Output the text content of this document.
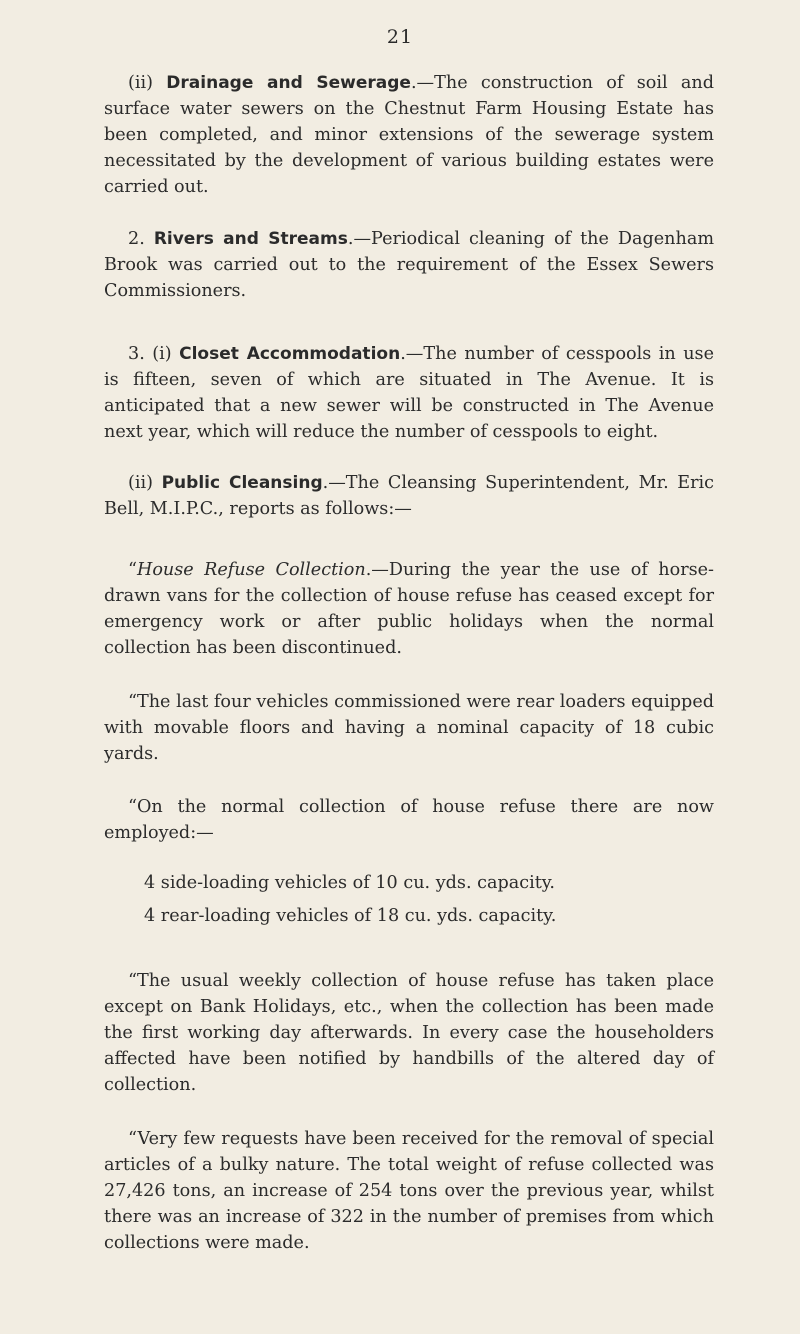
21

(ii) Drainage and Sewerage.—The construction of soil and surface water sewers on the Chestnut Farm Housing Estate has been completed, and minor extensions of the sewerage system necessitated by the development of various building estates were carried out.

2. Rivers and Streams.—Periodical cleaning of the Dagenham Brook was carried out to the requirement of the Essex Sewers Commissioners.

3. (i) Closet Accommodation.—The number of cesspools in use is fifteen, seven of which are situated in The Avenue. It is anticipated that a new sewer will be constructed in The Avenue next year, which will reduce the number of cesspools to eight.

(ii) Public Cleansing.—The Cleansing Superintendent, Mr. Eric Bell, M.I.P.C., reports as follows:—

“House Refuse Collection.—During the year the use of horse-drawn vans for the collection of house refuse has ceased except for emergency work or after public holidays when the normal collection has been discontinued.

“The last four vehicles commissioned were rear loaders equipped with movable floors and having a nominal capacity of 18 cubic yards.

“On the normal collection of house refuse there are now employed:—

4 side-loading vehicles of 10 cu. yds. capacity.
4 rear-loading vehicles of 18 cu. yds. capacity.

“The usual weekly collection of house refuse has taken place except on Bank Holidays, etc., when the collection has been made the first working day afterwards. In every case the householders affected have been notified by handbills of the altered day of collection.

“Very few requests have been received for the removal of special articles of a bulky nature. The total weight of refuse collected was 27,426 tons, an increase of 254 tons over the previous year, whilst there was an increase of 322 in the number of premises from which collections were made.
